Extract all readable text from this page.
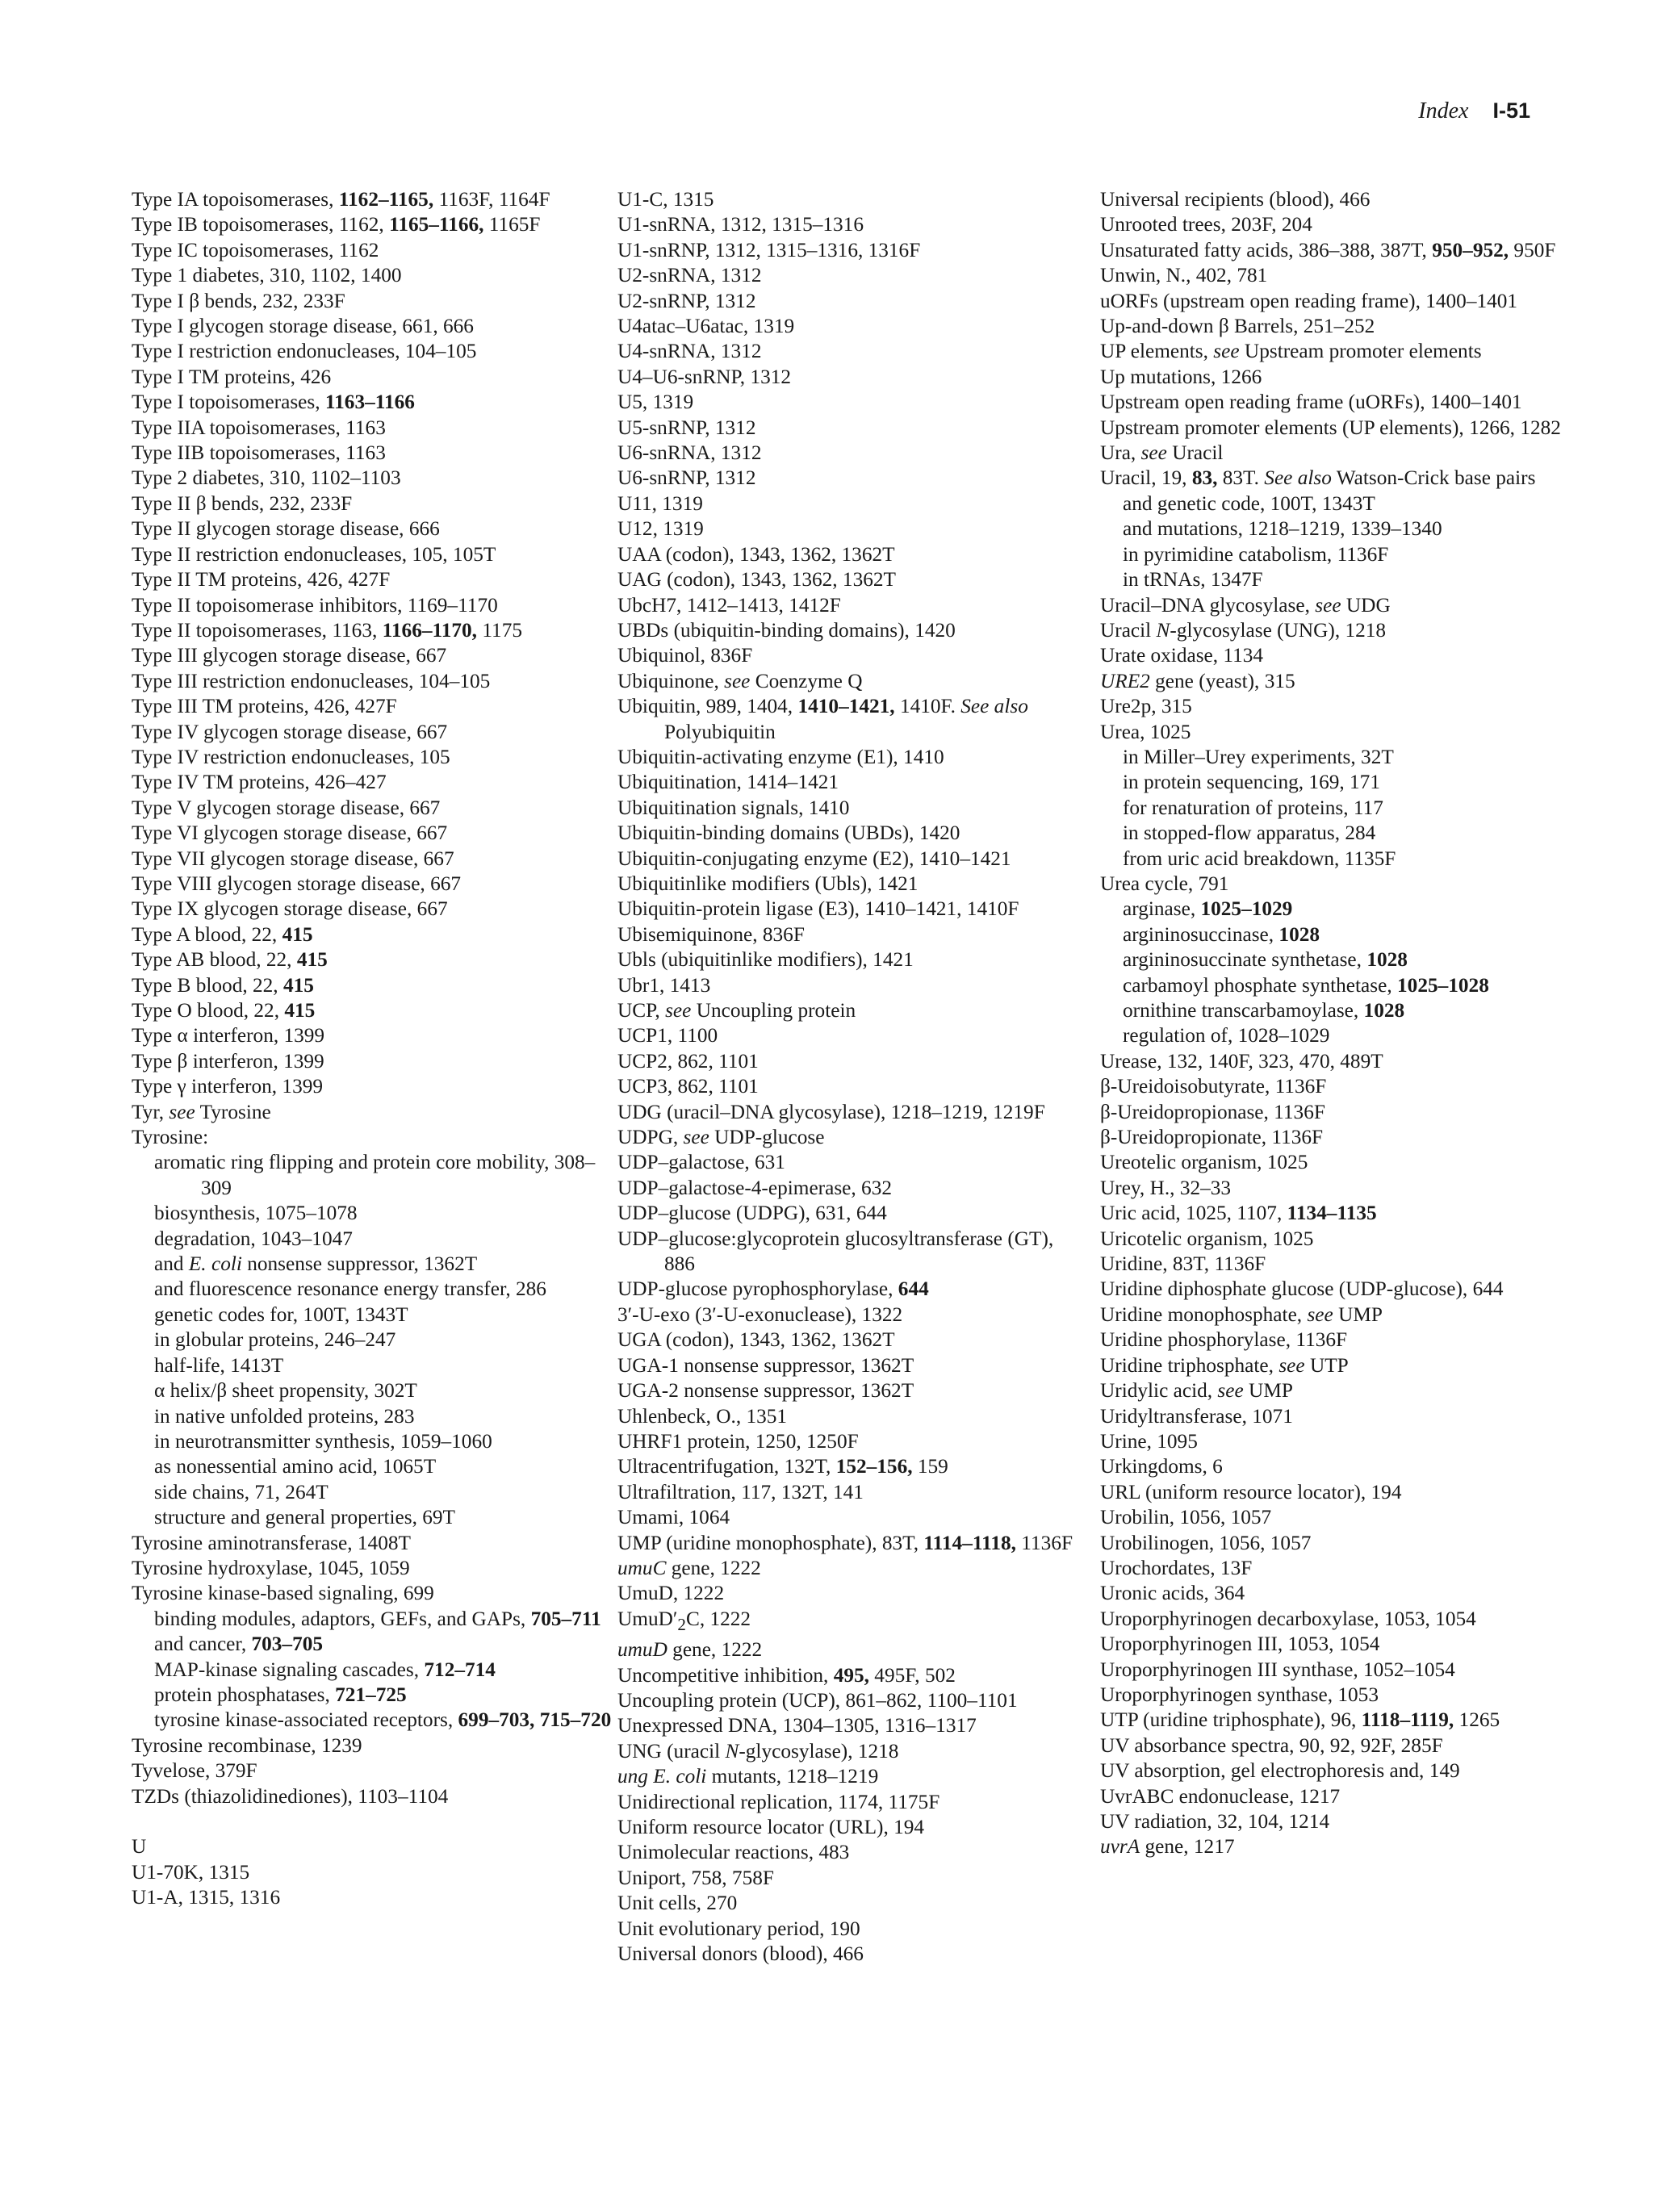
Index I-51
Type IA topoisomerases, 1162–1165, 1163F, 1164F
Type IB topoisomerases, 1162, 1165–1166, 1165F
Type IC topoisomerases, 1162
Type 1 diabetes, 310, 1102, 1400
Type I β bends, 232, 233F
Type I glycogen storage disease, 661, 666
Type I restriction endonucleases, 104–105
Type I TM proteins, 426
Type I topoisomerases, 1163–1166
Type IIA topoisomerases, 1163
Type IIB topoisomerases, 1163
Type 2 diabetes, 310, 1102–1103
Type II β bends, 232, 233F
Type II glycogen storage disease, 666
Type II restriction endonucleases, 105, 105T
Type II TM proteins, 426, 427F
Type II topoisomerase inhibitors, 1169–1170
Type II topoisomerases, 1163, 1166–1170, 1175
Type III glycogen storage disease, 667
Type III restriction endonucleases, 104–105
Type III TM proteins, 426, 427F
Type IV glycogen storage disease, 667
Type IV restriction endonucleases, 105
Type IV TM proteins, 426–427
Type V glycogen storage disease, 667
Type VI glycogen storage disease, 667
Type VII glycogen storage disease, 667
Type VIII glycogen storage disease, 667
Type IX glycogen storage disease, 667
Type A blood, 22, 415
Type AB blood, 22, 415
Type B blood, 22, 415
Type O blood, 22, 415
Type α interferon, 1399
Type β interferon, 1399
Type γ interferon, 1399
Tyr, see Tyrosine
Tyrosine:
aromatic ring flipping and protein core mobility, 308–309
biosynthesis, 1075–1078
degradation, 1043–1047
and E. coli nonsense suppressor, 1362T
and fluorescence resonance energy transfer, 286
genetic codes for, 100T, 1343T
in globular proteins, 246–247
half-life, 1413T
α helix/β sheet propensity, 302T
in native unfolded proteins, 283
in neurotransmitter synthesis, 1059–1060
as nonessential amino acid, 1065T
side chains, 71, 264T
structure and general properties, 69T
Tyrosine aminotransferase, 1408T
Tyrosine hydroxylase, 1045, 1059
Tyrosine kinase-based signaling, 699
binding modules, adaptors, GEFs, and GAPs, 705–711
and cancer, 703–705
MAP-kinase signaling cascades, 712–714
protein phosphatases, 721–725
tyrosine kinase-associated receptors, 699–703, 715–720
Tyrosine recombinase, 1239
Tyvelose, 379F
TZDs (thiazolidinediones), 1103–1104
U
U1-70K, 1315
U1-A, 1315, 1316
U1-C, 1315
U1-snRNA, 1312, 1315–1316
U1-snRNP, 1312, 1315–1316, 1316F
U2-snRNA, 1312
U2-snRNP, 1312
U4atac–U6atac, 1319
U4-snRNA, 1312
U4–U6-snRNP, 1312
U5, 1319
U5-snRNP, 1312
U6-snRNA, 1312
U6-snRNP, 1312
U11, 1319
U12, 1319
UAA (codon), 1343, 1362, 1362T
UAG (codon), 1343, 1362, 1362T
UbcH7, 1412–1413, 1412F
UBDs (ubiquitin-binding domains), 1420
Ubiquinol, 836F
Ubiquinone, see Coenzyme Q
Ubiquitin, 989, 1404, 1410–1421, 1410F. See also Polyubiquitin
Ubiquitin-activating enzyme (E1), 1410
Ubiquitination, 1414–1421
Ubiquitination signals, 1410
Ubiquitin-binding domains (UBDs), 1420
Ubiquitin-conjugating enzyme (E2), 1410–1421
Ubiquitinlike modifiers (Ubls), 1421
Ubiquitin-protein ligase (E3), 1410–1421, 1410F
Ubisemiquinone, 836F
Ubls (ubiquitinlike modifiers), 1421
Ubr1, 1413
UCP, see Uncoupling protein
UCP1, 1100
UCP2, 862, 1101
UCP3, 862, 1101
UDG (uracil–DNA glycosylase), 1218–1219, 1219F
UDPG, see UDP-glucose
UDP–galactose, 631
UDP–galactose-4-epimerase, 632
UDP–glucose (UDPG), 631, 644
UDP–glucose:glycoprotein glucosyltransferase (GT), 886
UDP-glucose pyrophosphorylase, 644
3′-U-exo (3′-U-exonuclease), 1322
UGA (codon), 1343, 1362, 1362T
UGA-1 nonsense suppressor, 1362T
UGA-2 nonsense suppressor, 1362T
Uhlenbeck, O., 1351
UHRF1 protein, 1250, 1250F
Ultracentrifugation, 132T, 152–156, 159
Ultrafiltration, 117, 132T, 141
Umami, 1064
UMP (uridine monophosphate), 83T, 1114–1118, 1136F
umuC gene, 1222
UmuD, 1222
$UmuD'_2C$, 1222
umuD gene, 1222
Uncompetitive inhibition, 495, 495F, 502
Uncoupling protein (UCP), 861–862, 1100–1101
Unexpressed DNA, 1304–1305, 1316–1317
UNG (uracil N-glycosylase), 1218
ung E. coli mutants, 1218–1219
Unidirectional replication, 1174, 1175F
Uniform resource locator (URL), 194
Unimolecular reactions, 483
Uniport, 758, 758F
Unit cells, 270
Unit evolutionary period, 190
Universal donors (blood), 466
Universal recipients (blood), 466
Unrooted trees, 203F, 204
Unsaturated fatty acids, 386–388, 387T, 950–952, 950F
Unwin, N., 402, 781
uORFs (upstream open reading frame), 1400–1401
Up-and-down β Barrels, 251–252
UP elements, see Upstream promoter elements
Up mutations, 1266
Upstream open reading frame (uORFs), 1400–1401
Upstream promoter elements (UP elements), 1266, 1282
Ura, see Uracil
Uracil, 19, 83, 83T. See also Watson-Crick base pairs
and genetic code, 100T, 1343T
and mutations, 1218–1219, 1339–1340
in pyrimidine catabolism, 1136F
in tRNAs, 1347F
Uracil–DNA glycosylase, see UDG
Uracil N-glycosylase (UNG), 1218
Urate oxidase, 1134
URE2 gene (yeast), 315
Ure2p, 315
Urea, 1025
in Miller–Urey experiments, 32T
in protein sequencing, 169, 171
for renaturation of proteins, 117
in stopped-flow apparatus, 284
from uric acid breakdown, 1135F
Urea cycle, 791
arginase, 1025–1029
argininosuccinase, 1028
argininosuccinate synthetase, 1028
carbamoyl phosphate synthetase, 1025–1028
ornithine transcarbamoylase, 1028
regulation of, 1028–1029
Urease, 132, 140F, 323, 470, 489T
β-Ureidoisobutyrate, 1136F
β-Ureidopropionase, 1136F
β-Ureidopropionate, 1136F
Ureotelic organism, 1025
Urey, H., 32–33
Uric acid, 1025, 1107, 1134–1135
Uricotelic organism, 1025
Uridine, 83T, 1136F
Uridine diphosphate glucose (UDP-glucose), 644
Uridine monophosphate, see UMP
Uridine phosphorylase, 1136F
Uridine triphosphate, see UTP
Uridylic acid, see UMP
Uridyltransferase, 1071
Urine, 1095
Urkingdoms, 6
URL (uniform resource locator), 194
Urobilin, 1056, 1057
Urobilinogen, 1056, 1057
Urochordates, 13F
Uronic acids, 364
Uroporphyrinogen decarboxylase, 1053, 1054
Uroporphyrinogen III, 1053, 1054
Uroporphyrinogen III synthase, 1052–1054
Uroporphyrinogen synthase, 1053
UTP (uridine triphosphate), 96, 1118–1119, 1265
UV absorbance spectra, 90, 92, 92F, 285F
UV absorption, gel electrophoresis and, 149
UvrABC endonuclease, 1217
UV radiation, 32, 104, 1214
uvrA gene, 1217
